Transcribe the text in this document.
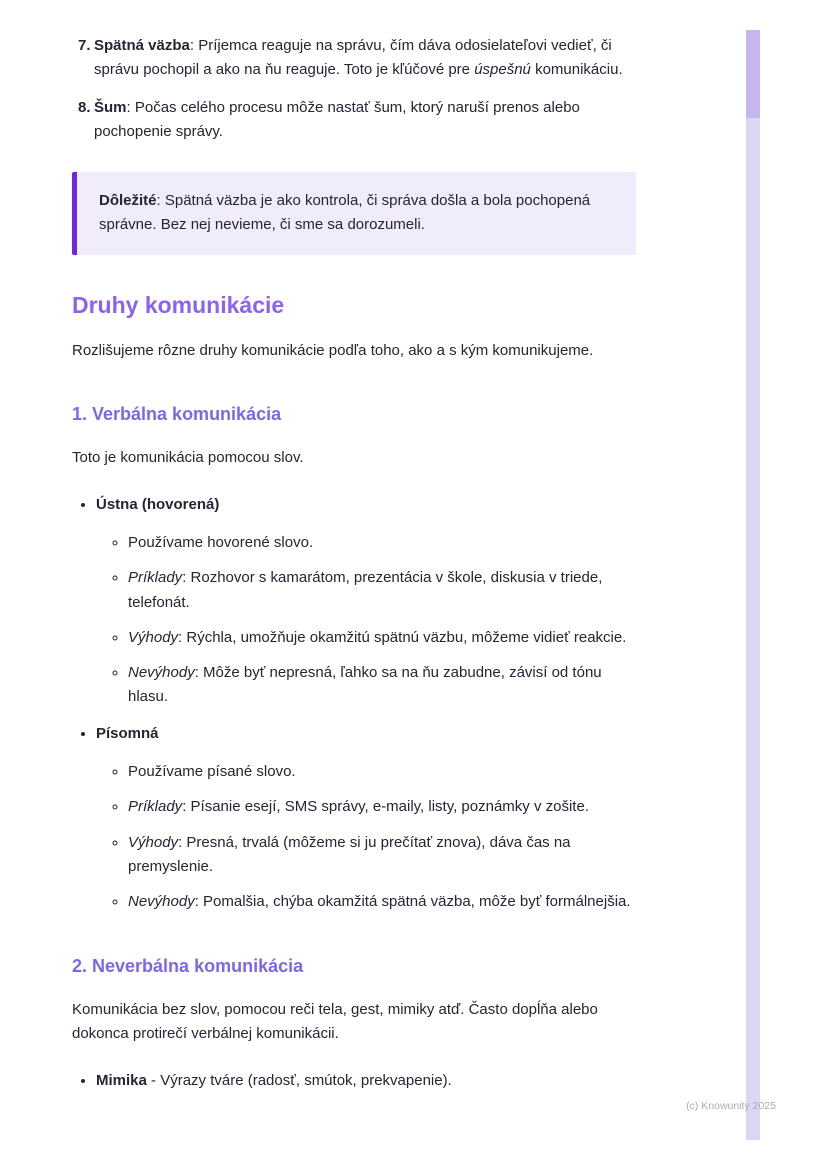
7. Spätná väzba: Príjemca reaguje na správu, čím dáva odosielateľovi vedieť, či správu pochopil a ako na ňu reaguje. Toto je kľúčové pre úspešnú komunikáciu.
8. Šum: Počas celého procesu môže nastať šum, ktorý naruší prenos alebo pochopenie správy.

Dôležité: Spätná väzba je ako kontrola, či správa došla a bola pochopená správne. Bez nej nevieme, či sme sa dorozumeli.

Druhy komunikácie

Rozlišujeme rôzne druhy komunikácie podľa toho, ako a s kým komunikujeme.

1. Verbálna komunikácia

Toto je komunikácia pomocou slov.

• Ústna (hovorená)
◦ Používame hovorené slovo.
◦ Príklady: Rozhovor s kamarátom, prezentácia v škole, diskusia v triede, telefonát.
◦ Výhody: Rýchla, umožňuje okamžitú spätnú väzbu, môžeme vidieť reakcie.
◦ Nevýhody: Môže byť nepresná, ľahko sa na ňu zabudne, závisí od tónu hlasu.
• Písomná
◦ Používame písané slovo.
◦ Príklady: Písanie esejí, SMS správy, e-maily, listy, poznámky v zošite.
◦ Výhody: Presná, trvalá (môžeme si ju prečítať znova), dáva čas na premyslenie.
◦ Nevýhody: Pomalšia, chýba okamžitá spätná väzba, môže byť formálnejšia.
2. Neverbálna komunikácia

Komunikácia bez slov, pomocou reči tela, gest, mimiky atď. Často dopĺňa alebo dokonca protirečí verbálnej komunikácii.

• Mimika - Výrazy tváre (radosť, smútok, prekvapenie).
(c) Knowunity 2025
